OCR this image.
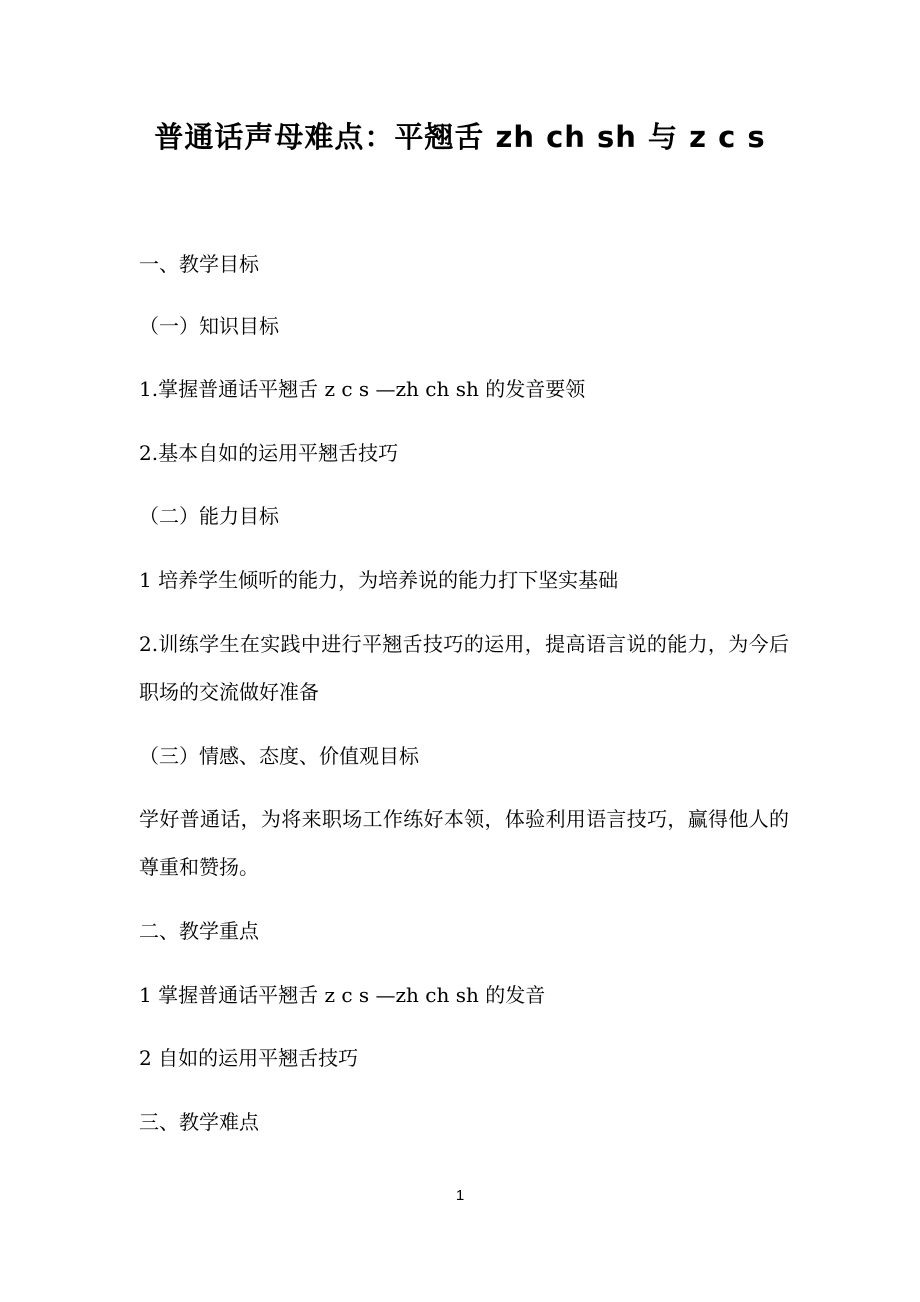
普通话声母难点：平翘舌 zh ch sh 与 z c s
一、教学目标
（一）知识目标
1.掌握普通话平翘舌 z c s —zh ch sh 的发音要领
2.基本自如的运用平翘舌技巧
（二）能力目标
1 培养学生倾听的能力，为培养说的能力打下坚实基础
2.训练学生在实践中进行平翘舌技巧的运用，提高语言说的能力，为今后职场的交流做好准备
（三）情感、态度、价值观目标
学好普通话，为将来职场工作练好本领，体验利用语言技巧，赢得他人的尊重和赞扬。
二、教学重点
1 掌握普通话平翘舌 z c s —zh ch sh 的发音
2 自如的运用平翘舌技巧
三、教学难点
1
